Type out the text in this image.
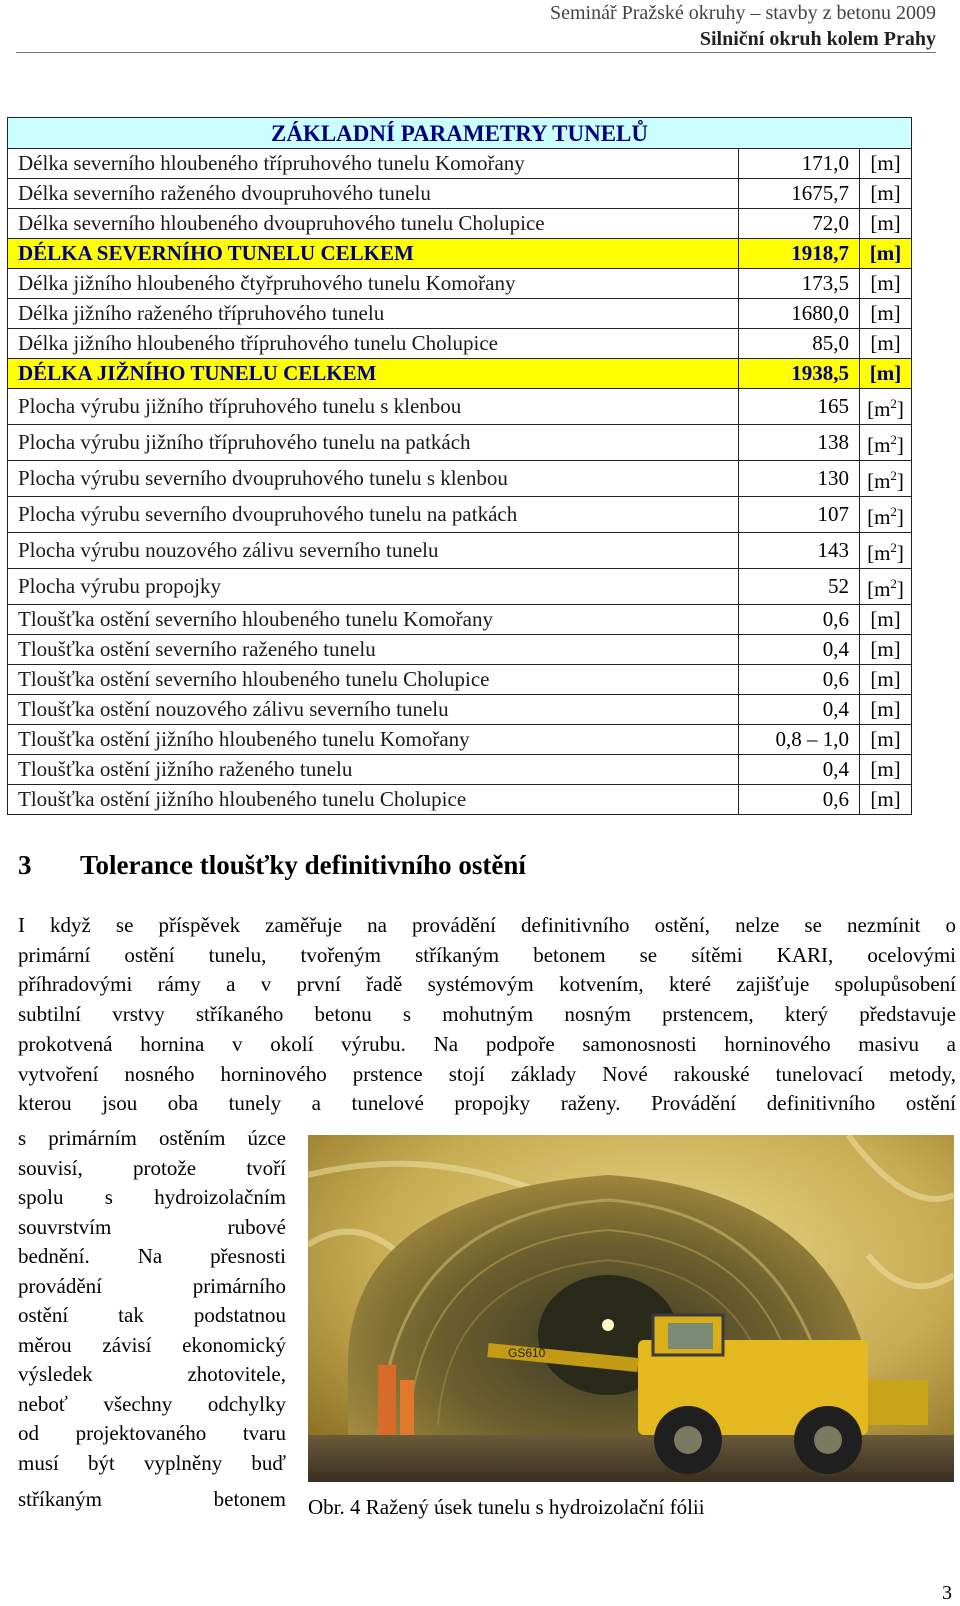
Seminář Pražské okruhy – stavby z betonu 2009
Silniční okruh kolem Prahy
ZÁKLADNÍ PARAMETRY TUNELŮ		
Délka severního hloubeného třípruhového tunelu Komořany	171,0	[m]
Délka severního raženého dvoupruhového tunelu	1675,7	[m]
Délka severního hloubeného dvoupruhového tunelu Cholupice	72,0	[m]
DÉLKA SEVERNÍHO TUNELU CELKEM	1918,7	[m]
Délka jižního hloubeného čtyřpruhového tunelu Komořany	173,5	[m]
Délka jižního raženého třípruhového tunelu	1680,0	[m]
Délka jižního hloubeného třípruhového tunelu Cholupice	85,0	[m]
DÉLKA JIŽNÍHO TUNELU CELKEM	1938,5	[m]
Plocha výrubu jižního třípruhového tunelu s klenbou	165	$[m^2]$
Plocha výrubu jižního třípruhového tunelu na patkách	138	$[m^2]$
Plocha výrubu severního dvoupruhového tunelu s klenbou	130	$[m^2]$
Plocha výrubu severního dvoupruhového tunelu na patkách	107	$[m^2]$
Plocha výrubu nouzového zálivu severního tunelu	143	$[m^2]$
Plocha výrubu propojky	52	$[m^2]$
Tloušťka ostění severního hloubeného tunelu Komořany	0,6	[m]
Tloušťka ostění severního raženého tunelu	0,4	[m]
Tloušťka ostění severního hloubeného tunelu Cholupice	0,6	[m]
Tloušťka ostění nouzového zálivu severního tunelu	0,4	[m]
Tloušťka ostění jižního hloubeného tunelu Komořany	0,8 – 1,0	[m]
Tloušťka ostění jižního raženého tunelu	0,4	[m]
Tloušťka ostění jižního hloubeného tunelu Cholupice	0,6	[m]
3 Tolerance tloušťky definitivního ostění
I když se příspěvek zaměřuje na provádění definitivního ostění, nelze se nezmínit o
primární ostění tunelu, tvořeným stříkaným betonem se sítěmi KARI, ocelovými
příhradovými rámy a v první řadě systémovým kotvením, které zajišťuje spolupůsobení
subtilní vrstvy stříkaného betonu s mohutným nosným prstencem, který představuje
prokotvená hornina v okolí výrubu. Na podpoře samonosnosti horninového masivu a
vytvoření nosného horninového prstence stojí základy Nové rakouské tunelovací metody,
kterou jsou oba tunely a tunelové propojky raženy. Provádění definitivního ostění
s primárním ostěním úzce
souvisí, protože tvoří
spolu s hydroizolačním
souvrstvím rubové
bednění. Na přesnosti
provádění primárního
ostění tak podstatnou
měrou závisí ekonomický
výsledek zhotovitele,
neboť všechny odchylky
od projektovaného tvaru
musí být vyplněny buď
stříkaným betonem
GS610
Obr. 4 Ražený úsek tunelu s hydroizolační fólii
3
